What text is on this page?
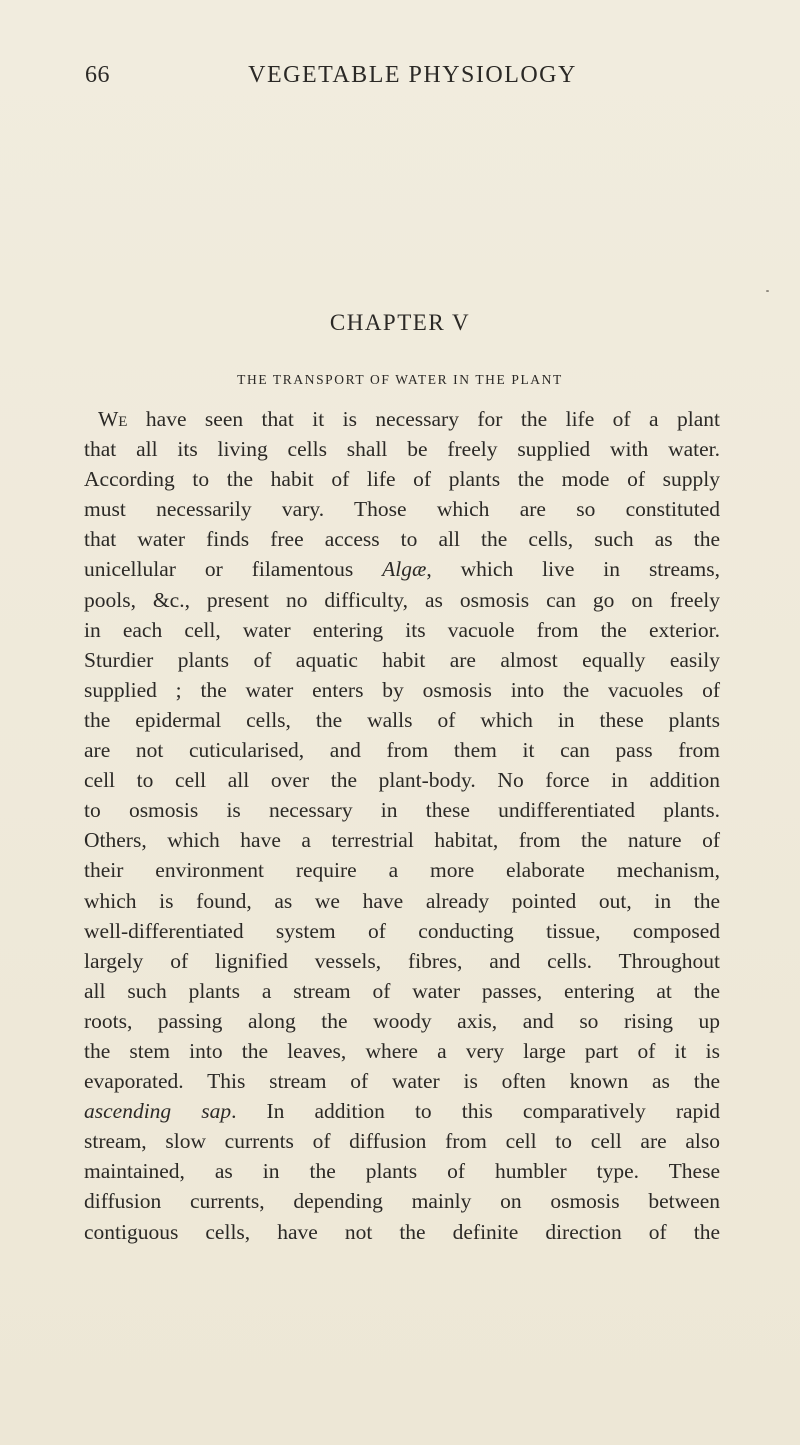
66	VEGETABLE PHYSIOLOGY
CHAPTER V
THE TRANSPORT OF WATER IN THE PLANT
We have seen that it is necessary for the life of a plant
that all its living cells shall be freely supplied with water.
According to the habit of life of plants the mode of supply
must necessarily vary. Those which are so constituted
that water finds free access to all the cells, such as the
unicellular or filamentous Algæ, which live in streams,
pools, &c., present no difficulty, as osmosis can go on freely
in each cell, water entering its vacuole from the exterior.
Sturdier plants of aquatic habit are almost equally easily
supplied ; the water enters by osmosis into the vacuoles of
the epidermal cells, the walls of which in these plants
are not cuticularised, and from them it can pass from
cell to cell all over the plant-body. No force in addition
to osmosis is necessary in these undifferentiated plants.
Others, which have a terrestrial habitat, from the nature of
their environment require a more elaborate mechanism,
which is found, as we have already pointed out, in the
well-differentiated system of conducting tissue, composed
largely of lignified vessels, fibres, and cells. Throughout
all such plants a stream of water passes, entering at the
roots, passing along the woody axis, and so rising up
the stem into the leaves, where a very large part of it is
evaporated. This stream of water is often known as the
ascending sap. In addition to this comparatively rapid
stream, slow currents of diffusion from cell to cell are also
maintained, as in the plants of humbler type. These
diffusion currents, depending mainly on osmosis between
contiguous cells, have not the definite direction of the
